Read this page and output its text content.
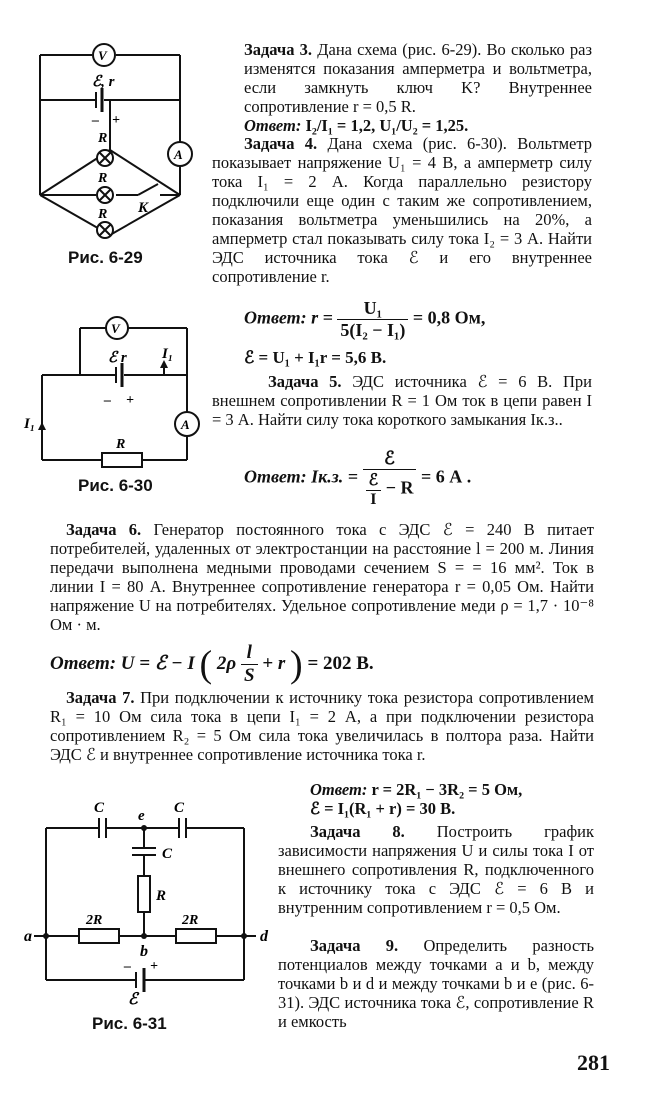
V
A
ℰ, r
– +
R
R
R K
Рис. 6-29

Задача 3. Дана схема (рис. 6-29). Во сколько раз изменятся показания амперметра и вольтметра, если замкнуть ключ K? Внутреннее сопротивление r = 0,5 R.

Ответ: I₂/I₁ = 1,2, U₁/U₂ = 1,25.

Задача 4. Дана схема (рис. 6-30). Вольтметр показывает напряжение U₁ = 4 В, а амперметр силу тока I₁ = 2 А. Когда параллельно резистору подключили еще один с таким же сопротивлением, показания вольтметра уменьшились на 20%, а амперметр стал показывать силу тока I₂ = 3 А. Найти ЭДС источника тока ℰ и его внутреннее сопротивление r.

Ответ: $r = \frac{\text{U₁}}{\text{5(I₂ − I₁)}} = 0,8$ Ом,
ℰ = U₁ + I₁r = 5,6 В.
V
A
ℰ r I₁
I₁
– +
R
Рис. 6-30

Задача 5. ЭДС источника ℰ = 6 В. При внешнем сопротивлении R = 1 Ом ток в цепи равен I = 3 А. Найти силу тока короткого замыкания Iк.з..

Ответ: Iк.з. = $\frac{\text{ℰ}}{\frac{\text{ℰ}}{I} - R} = 6$ А .

Задача 6. Генератор постоянного тока с ЭДС ℰ = 240 В питает потребителей, удаленных от электростанции на расстояние l = 200 м. Линия передачи выполнена медными проводами сечением S = = 16 мм². Ток в линии I = 80 А. Внутреннее сопротивление генератора r = 0,05 Ом. Найти напряжение U на потребителях. Удельное сопротивление меди ρ = 1,7 · 10⁻⁸ Ом · м.

Ответ: U = ℰ − I ( $2\rho \frac{l}{S} + r$ ) = 202 В.

Задача 7. При подключении к источнику тока резистора сопротивлением R₁ = 10 Ом сила тока в цепи I₁ = 2 А, а при подключении резистора сопротивлением R₂ = 5 Ом сила тока увеличилась в полтора раза. Найти ЭДС ℰ и внутреннее сопротивление источника тока r.

Ответ: r = 2R₁ − 3R₂ = 5 Ом,

ℰ = I₁(R₁ + r) = 30 В.

C	C
C
e
R
2R	2R
a
b
d
ℰ
– +
Рис. 6-31

Задача 8. Построить график зависимости напряжения U и силы тока I от внешнего сопротивления R, подключенного к источнику тока с ЭДС ℰ = 6 В и внутренним сопротивлением r = 0,5 Ом.

Задача 9. Определить разность потенциалов между точками a и b, между точками b и d и между точками b и e (рис. 6-31). ЭДС источника тока ℰ, сопротивление R и емкость

281
